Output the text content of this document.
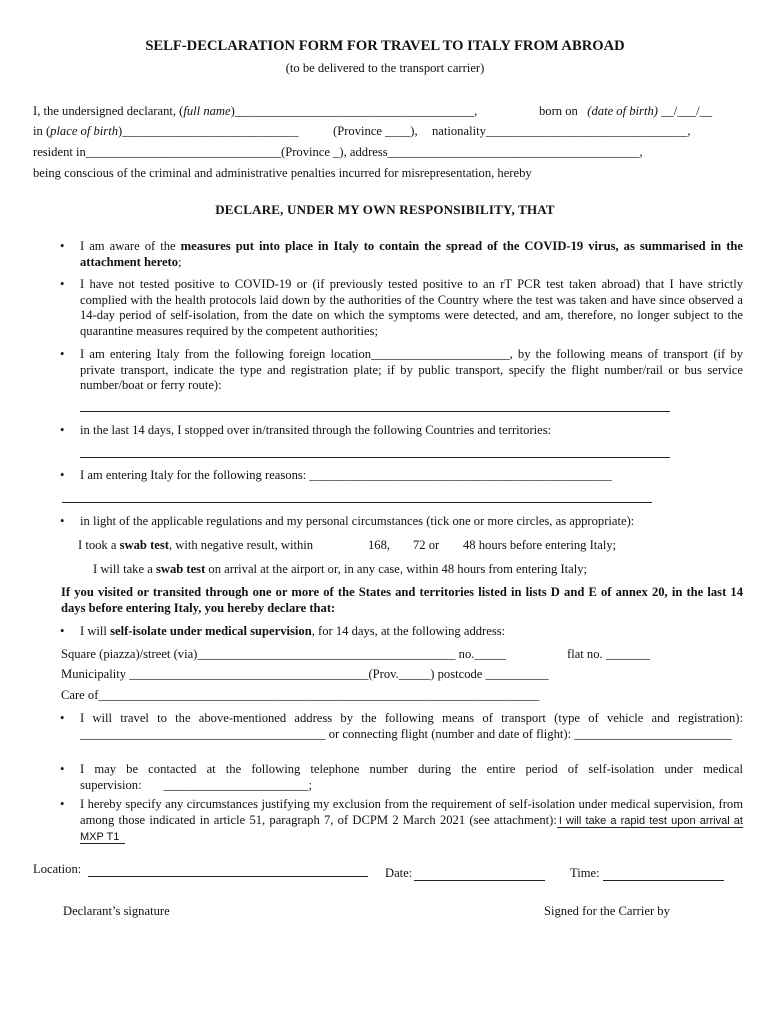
SELF-DECLARATION FORM FOR TRAVEL TO ITALY FROM ABROAD
(to be delivered to the transport carrier)
I, the undersigned declarant, (full name)______________________________________,	born on (date of birth) __/___/__
in (place of birth)____________________________	(Province ____), nationality________________________________,
resident in_______________________________(Province _), address________________________________________,
being conscious of the criminal and administrative penalties incurred for misrepresentation, hereby
DECLARE, UNDER MY OWN RESPONSIBILITY, THAT
• I am aware of the measures put into place in Italy to contain the spread of the COVID-19 virus, as summarised in the attachment hereto;
• I have not tested positive to COVID-19 or (if previously tested positive to an rT PCR test taken abroad) that I have strictly complied with the health protocols laid down by the authorities of the Country where the test was taken and have since observed a 14-day period of self-isolation, from the date on which the symptoms were detected, and am, therefore, no longer subject to the quarantine measures required by the competent authorities;
• I am entering Italy from the following foreign location______________________, by the following means of transport (if by private transport, indicate the type and registration plate; if by public transport, specify the flight number/rail or bus service number/boat or ferry route):
• in the last 14 days, I stopped over in/transited through the following Countries and territories:
• I am entering Italy for the following reasons: ________________________________________________
• in light of the applicable regulations and my personal circumstances (tick one or more circles, as appropriate):
I took a swab test, with negative result, within	168, 72 or 48 hours before entering Italy;
I will take a swab test on arrival at the airport or, in any case, within 48 hours from entering Italy;
If you visited or transited through one or more of the States and territories listed in lists D and E of annex 20, in the last 14 days before entering Italy, you hereby declare that:
• I will self-isolate under medical supervision, for 14 days, at the following address:
Square (piazza)/street (via)_________________________________________ no._____	flat no. _______
Municipality ______________________________________(Prov._____) postcode __________
Care of______________________________________________________________________
• I will travel to the above-mentioned address by the following means of transport (type of vehicle and registration): _______________________________________ or connecting flight (number and date of flight): _________________________
• I may be contacted at the following telephone number during the entire period of self-isolation under medical supervision: _______________________;
• I hereby specify any circumstances justifying my exclusion from the requirement of self-isolation under medical supervision, from among those indicated in article 51, paragraph 7, of DCPM 2 March 2021 (see attachment): I will take a rapid test upon arrival at MXP T1
Location:	Date:	Time:
Declarant’s signature	Signed for the Carrier by
